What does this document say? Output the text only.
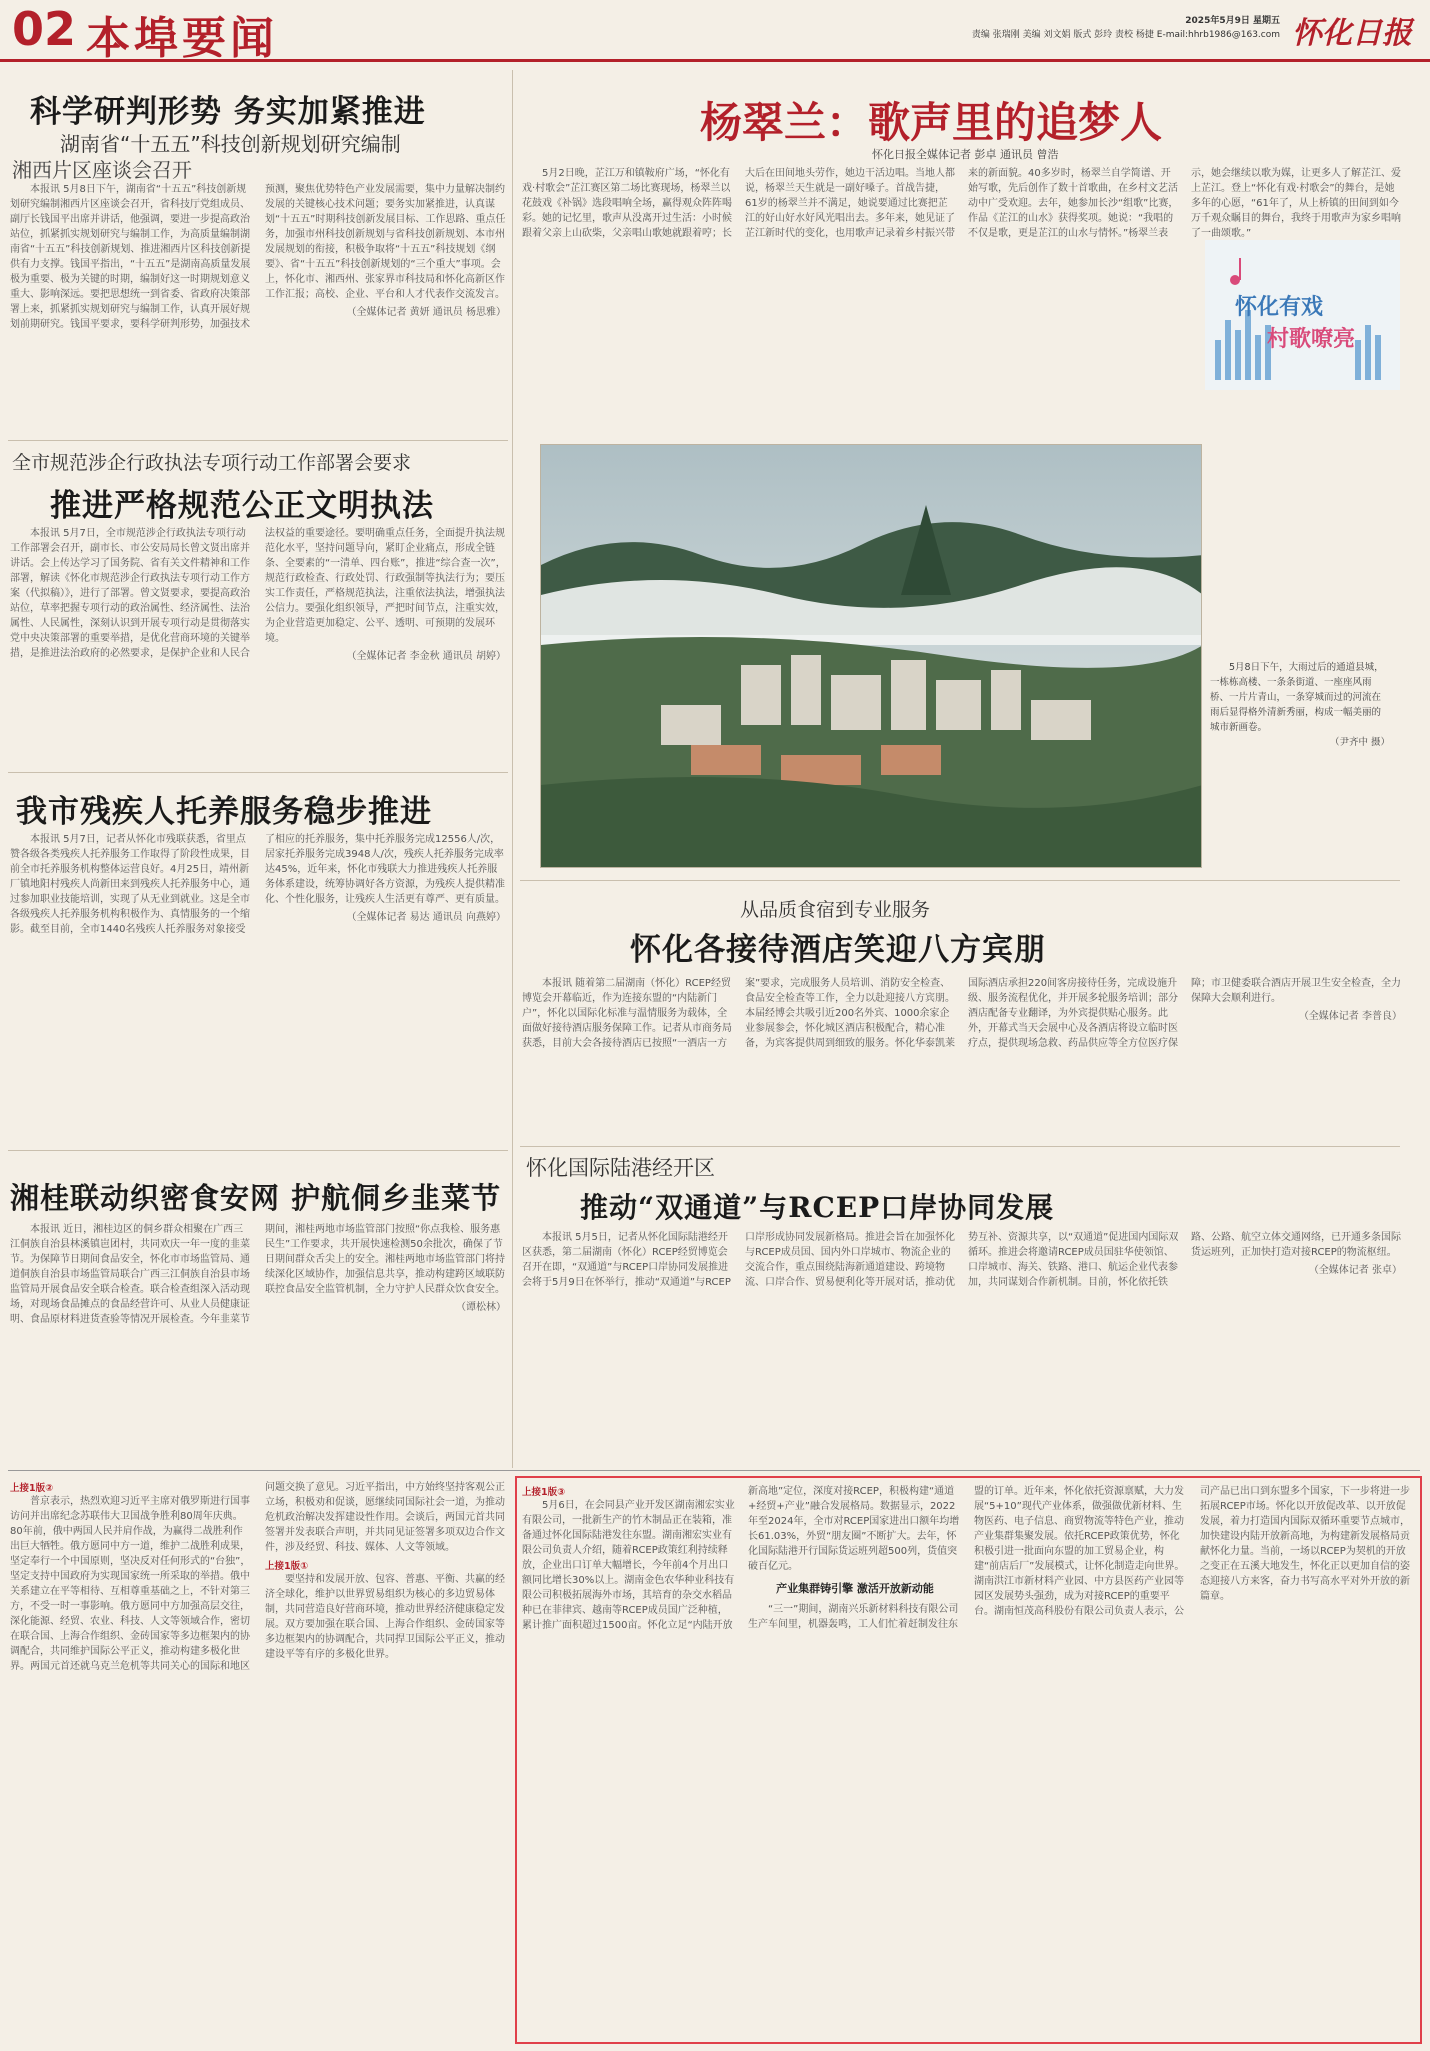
02 本埠要闻	2025年5月9日 星期五
责编 张瑞刚 美编 刘文娟 版式 彭玲 责校 杨捷 E-mail:hhrb1986@163.com 怀化日报
科学研判形势 务实加紧推进
湖南省“十五五”科技创新规划研究编制
湘西片区座谈会召开

本报讯 5月8日下午，湖南省“十五五”科技创新规划研究编制湘西片区座谈会召开，省科技厅党组成员、副厅长钱国平出席并讲话，他强调，要进一步提高政治站位，抓紧抓实规划研究与编制工作，为高质量编制湖南省“十五五”科技创新规划、推进湘西片区科技创新提供有力支撑。钱国平指出，“十五五”是湖南高质量发展极为重要、极为关键的时期，编制好这一时期规划意义重大、影响深远。要把思想统一到省委、省政府决策部署上来，抓紧抓实规划研究与编制工作，认真开展好规划前期研究。钱国平要求，要科学研判形势，加强技术预测，聚焦优势特色产业发展需要，集中力量解决制约发展的关键核心技术问题；要务实加紧推进，认真谋划“十五五”时期科技创新发展目标、工作思路、重点任务，加强市州科技创新规划与省科技创新规划、本市州发展规划的衔接，积极争取将“十五五”科技规划《纲要》、省“十五五”科技创新规划的“三个重大”事项。会上，怀化市、湘西州、张家界市科技局和怀化高新区作工作汇报；高校、企业、平台和人才代表作交流发言。

（全媒体记者 黄妍 通讯员 杨思雅）

全市规范涉企行政执法专项行动工作部署会要求
推进严格规范公正文明执法

本报讯 5月7日，全市规范涉企行政执法专项行动工作部署会召开，副市长、市公安局局长曾文贤出席并讲话。会上传达学习了国务院、省有关文件精神和工作部署，解读《怀化市规范涉企行政执法专项行动工作方案（代拟稿）》，进行了部署。曾文贤要求，要提高政治站位，草率把握专项行动的政治属性、经济属性、法治属性、人民属性，深刻认识到开展专项行动是贯彻落实党中央决策部署的重要举措，是优化营商环境的关键举措，是推进法治政府的必然要求，是保护企业和人民合法权益的重要途径。要明确重点任务，全面提升执法规范化水平，坚持问题导向，紧盯企业痛点，形成全链条、全要素的“一清单、四台账”，推进“综合查一次”，规范行政检查、行政处罚、行政强制等执法行为；要压实工作责任，严格规范执法，注重依法执法，增强执法公信力。要强化组织领导，严把时间节点，注重实效，为企业营造更加稳定、公平、透明、可预期的发展环境。

（全媒体记者 李金秋 通讯员 胡婷）

我市残疾人托养服务稳步推进

本报讯 5月7日，记者从怀化市残联获悉，省里点赞各级各类残疾人托养服务工作取得了阶段性成果，目前全市托养服务机构整体运营良好。4月25日，靖州新厂镇地阳村残疾人尚新田来到残疾人托养服务中心，通过参加职业技能培训，实现了从无业到就业。这是全市各级残疾人托养服务机构积极作为、真情服务的一个缩影。截至目前，全市1440名残疾人托养服务对象接受了相应的托养服务，集中托养服务完成12556人/次，居家托养服务完成3948人/次，残疾人托养服务完成率达45%，近年来，怀化市残联大力推进残疾人托养服务体系建设，统筹协调好各方资源，为残疾人提供精准化、个性化服务，让残疾人生活更有尊严、更有质量。

（全媒体记者 易达 通讯员 向燕婷）

湘桂联动织密食安网 护航侗乡韭菜节

本报讯 近日，湘桂边区的侗乡群众相聚在广西三江侗族自治县林溪镇岜团村，共同欢庆一年一度的韭菜节。为保障节日期间食品安全，怀化市市场监管局、通道侗族自治县市场监管局联合广西三江侗族自治县市场监管局开展食品安全联合检查。联合检查组深入活动现场，对现场食品摊点的食品经营许可、从业人员健康证明、食品原材料进货查验等情况开展检查。今年韭菜节期间，湘桂两地市场监管部门按照“你点我检、服务惠民生”工作要求，共开展快速检测50余批次，确保了节日期间群众舌尖上的安全。湘桂两地市场监管部门将持续深化区域协作，加强信息共享，推动构建跨区域联防联控食品安全监管机制，全力守护人民群众饮食安全。

（谭松林）

杨翠兰：歌声里的追梦人
怀化日报全媒体记者 彭卓 通讯员 曾浩

5月2日晚，芷江万和镇鞍府广场，“怀化有戏·村歌会”芷江赛区第二场比赛现场，杨翠兰以花鼓戏《补锅》选段唱响全场，赢得观众阵阵喝彩。她的记忆里，歌声从没离开过生活：小时候跟着父亲上山砍柴，父亲唱山歌她就跟着哼；长大后在田间地头劳作，她边干活边唱。当地人都说，杨翠兰天生就是一副好嗓子。首战告捷，61岁的杨翠兰并不满足，她说要通过比赛把芷江的好山好水好风光唱出去。多年来，她见证了芷江新时代的变化，也用歌声记录着乡村振兴带来的新面貌。40多岁时，杨翠兰自学简谱、开始写歌，先后创作了数十首歌曲，在乡村文艺活动中广受欢迎。去年，她参加长沙“组歌”比赛，作品《芷江的山水》获得奖项。她说：“我唱的不仅是歌，更是芷江的山水与情怀。”杨翠兰表示，她会继续以歌为媒，让更多人了解芷江、爱上芷江。登上“怀化有戏·村歌会”的舞台，是她多年的心愿，“61年了，从上桥镇的田间到如今万千观众瞩目的舞台，我终于用歌声为家乡唱响了一曲颂歌。”

怀化有戏
村歌嘹亮

5月8日下午，大雨过后的通道县城，一栋栋高楼、一条条街道、一座座风雨桥、一片片青山，一条穿城而过的河流在雨后显得格外清新秀丽，构成一幅美丽的城市新画卷。

（尹齐中 摄）

从品质食宿到专业服务
怀化各接待酒店笑迎八方宾朋

本报讯 随着第二届湖南（怀化）RCEP经贸博览会开幕临近，作为连接东盟的“内陆新门户”，怀化以国际化标准与温情服务为载体，全面做好接待酒店服务保障工作。记者从市商务局获悉，目前大会各接待酒店已按照“一酒店一方案”要求，完成服务人员培训、消防安全检查、食品安全检查等工作，全力以赴迎接八方宾朋。本届经博会共吸引近200名外宾、1000余家企业参展参会，怀化城区酒店积极配合，精心准备，为宾客提供周到细致的服务。怀化华泰凯莱国际酒店承担220间客房接待任务，完成设施升级、服务流程优化，并开展多轮服务培训；部分酒店配备专业翻译，为外宾提供贴心服务。此外，开幕式当天会展中心及各酒店将设立临时医疗点，提供现场急救、药品供应等全方位医疗保障；市卫健委联合酒店开展卫生安全检查，全力保障大会顺利进行。

（全媒体记者 李普良）

怀化国际陆港经开区
推动“双通道”与RCEP口岸协同发展

本报讯 5月5日，记者从怀化国际陆港经开区获悉，第二届湖南（怀化）RCEP经贸博览会召开在即，“双通道”与RCEP口岸协同发展推进会将于5月9日在怀举行，推动“双通道”与RCEP口岸形成协同发展新格局。推进会旨在加强怀化与RCEP成员国、国内外口岸城市、物流企业的交流合作，重点围绕陆海新通道建设、跨境物流、口岸合作、贸易便利化等开展对话，推动优势互补、资源共享，以“双通道”促进国内国际双循环。推进会将邀请RCEP成员国驻华使领馆、口岸城市、海关、铁路、港口、航运企业代表参加，共同谋划合作新机制。目前，怀化依托铁路、公路、航空立体交通网络，已开通多条国际货运班列，正加快打造对接RCEP的物流枢纽。

（全媒体记者 张卓）

上接1版②

普京表示，热烈欢迎习近平主席对俄罗斯进行国事访问并出席纪念苏联伟大卫国战争胜利80周年庆典。80年前，俄中两国人民并肩作战，为赢得二战胜利作出巨大牺牲。俄方愿同中方一道，维护二战胜利成果，坚定奉行一个中国原则，坚决反对任何形式的“台独”，坚定支持中国政府为实现国家统一所采取的举措。俄中关系建立在平等相待、互相尊重基础之上，不针对第三方，不受一时一事影响。俄方愿同中方加强高层交往，深化能源、经贸、农业、科技、人文等领域合作，密切在联合国、上海合作组织、金砖国家等多边框架内的协调配合，共同维护国际公平正义，推动构建多极化世界。两国元首还就乌克兰危机等共同关心的国际和地区问题交换了意见。习近平指出，中方始终坚持客观公正立场，积极劝和促谈，愿继续同国际社会一道，为推动危机政治解决发挥建设性作用。会谈后，两国元首共同签署并发表联合声明，并共同见证签署多项双边合作文件，涉及经贸、科技、媒体、人文等领域。

上接1版①

要坚持和发展开放、包容、普惠、平衡、共赢的经济全球化，维护以世界贸易组织为核心的多边贸易体制，共同营造良好营商环境，推动世界经济健康稳定发展。双方要加强在联合国、上海合作组织、金砖国家等多边框架内的协调配合，共同捍卫国际公平正义，推动建设平等有序的多极化世界。

上接1版③

5月6日，在会同县产业开发区湖南湘宏实业有限公司，一批新生产的竹木制品正在装箱，准备通过怀化国际陆港发往东盟。湖南湘宏实业有限公司负责人介绍，随着RCEP政策红利持续释放，企业出口订单大幅增长，今年前4个月出口额同比增长30%以上。湖南金色农华种业科技有限公司积极拓展海外市场，其培育的杂交水稻品种已在菲律宾、越南等RCEP成员国广泛种植，累计推广面积超过1500亩。怀化立足“内陆开放新高地”定位，深度对接RCEP，积极构建“通道+经贸+产业”融合发展格局。数据显示，2022年至2024年，全市对RCEP国家进出口额年均增长61.03%，外贸“朋友圈”不断扩大。去年，怀化国际陆港开行国际货运班列超500列，货值突破百亿元。

产业集群铸引擎 激活开放新动能

“三一”期间，湖南兴乐新材料科技有限公司生产车间里，机器轰鸣，工人们忙着赶制发往东盟的订单。近年来，怀化依托资源禀赋，大力发展“5+10”现代产业体系，做强做优新材料、生物医药、电子信息、商贸物流等特色产业，推动产业集群集聚发展。依托RCEP政策优势，怀化积极引进一批面向东盟的加工贸易企业，构建“前店后厂”发展模式，让怀化制造走向世界。湖南洪江市新材料产业园、中方县医药产业园等园区发展势头强劲，成为对接RCEP的重要平台。湖南恒茂高科股份有限公司负责人表示，公司产品已出口到东盟多个国家，下一步将进一步拓展RCEP市场。怀化以开放促改革、以开放促发展，着力打造国内国际双循环重要节点城市，加快建设内陆开放新高地，为构建新发展格局贡献怀化力量。当前，一场以RCEP为契机的开放之变正在五溪大地发生，怀化正以更加自信的姿态迎接八方来客，奋力书写高水平对外开放的新篇章。
